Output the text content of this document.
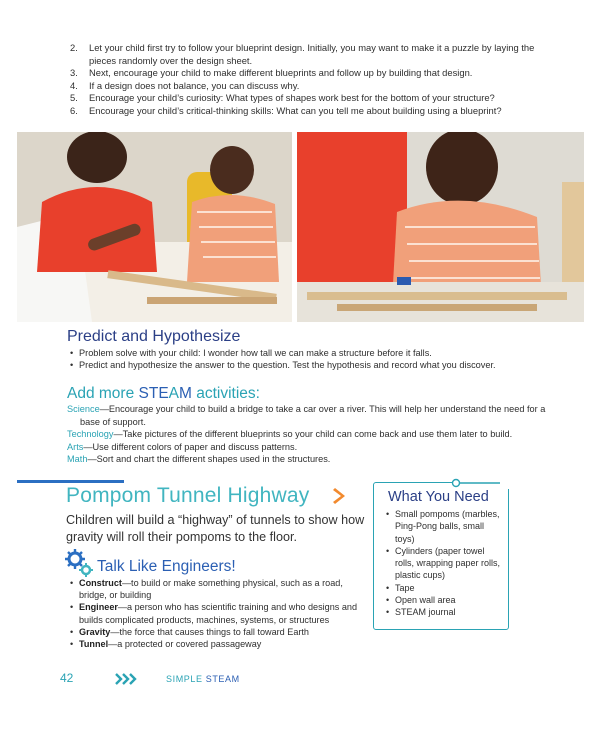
2. Let your child first try to follow your blueprint design. Initially, you may want to make it a puzzle by laying the pieces randomly over the design sheet.
3. Next, encourage your child to make different blueprints and follow up by building that design.
4. If a design does not balance, you can discuss why.
5. Encourage your child’s curiosity: What types of shapes work best for the bottom of your structure?
6. Encourage your child’s critical-thinking skills: What can you tell me about building using a blueprint?
Predict and Hypothesize
• Problem solve with your child: I wonder how tall we can make a structure before it falls.
• Predict and hypothesize the answer to the question. Test the hypothesis and record what you discover.
Add more STEAM activities:
Science—Encourage your child to build a bridge to take a car over a river. This will help her understand the need for a base of support.
Technology—Take pictures of the different blueprints so your child can come back and use them later to build.
Arts—Use different colors of paper and discuss patterns.
Math—Sort and chart the different shapes used in the structures.
Pompom Tunnel Highway
Children will build a “highway” of tunnels to show how gravity will roll their pompoms to the floor.
Talk Like Engineers!
• Construct—to build or make something physical, such as a road, bridge, or building
• Engineer—a person who has scientific training and who designs and builds complicated products, machines, systems, or structures
• Gravity—the force that causes things to fall toward Earth
• Tunnel—a protected or covered passageway
What You Need
• Small pompoms (marbles, Ping-Pong balls, small toys)
• Cylinders (paper towel rolls, wrapping paper rolls, plastic cups)
• Tape
• Open wall area
• STEAM journal
42	SIMPLE STEAM
